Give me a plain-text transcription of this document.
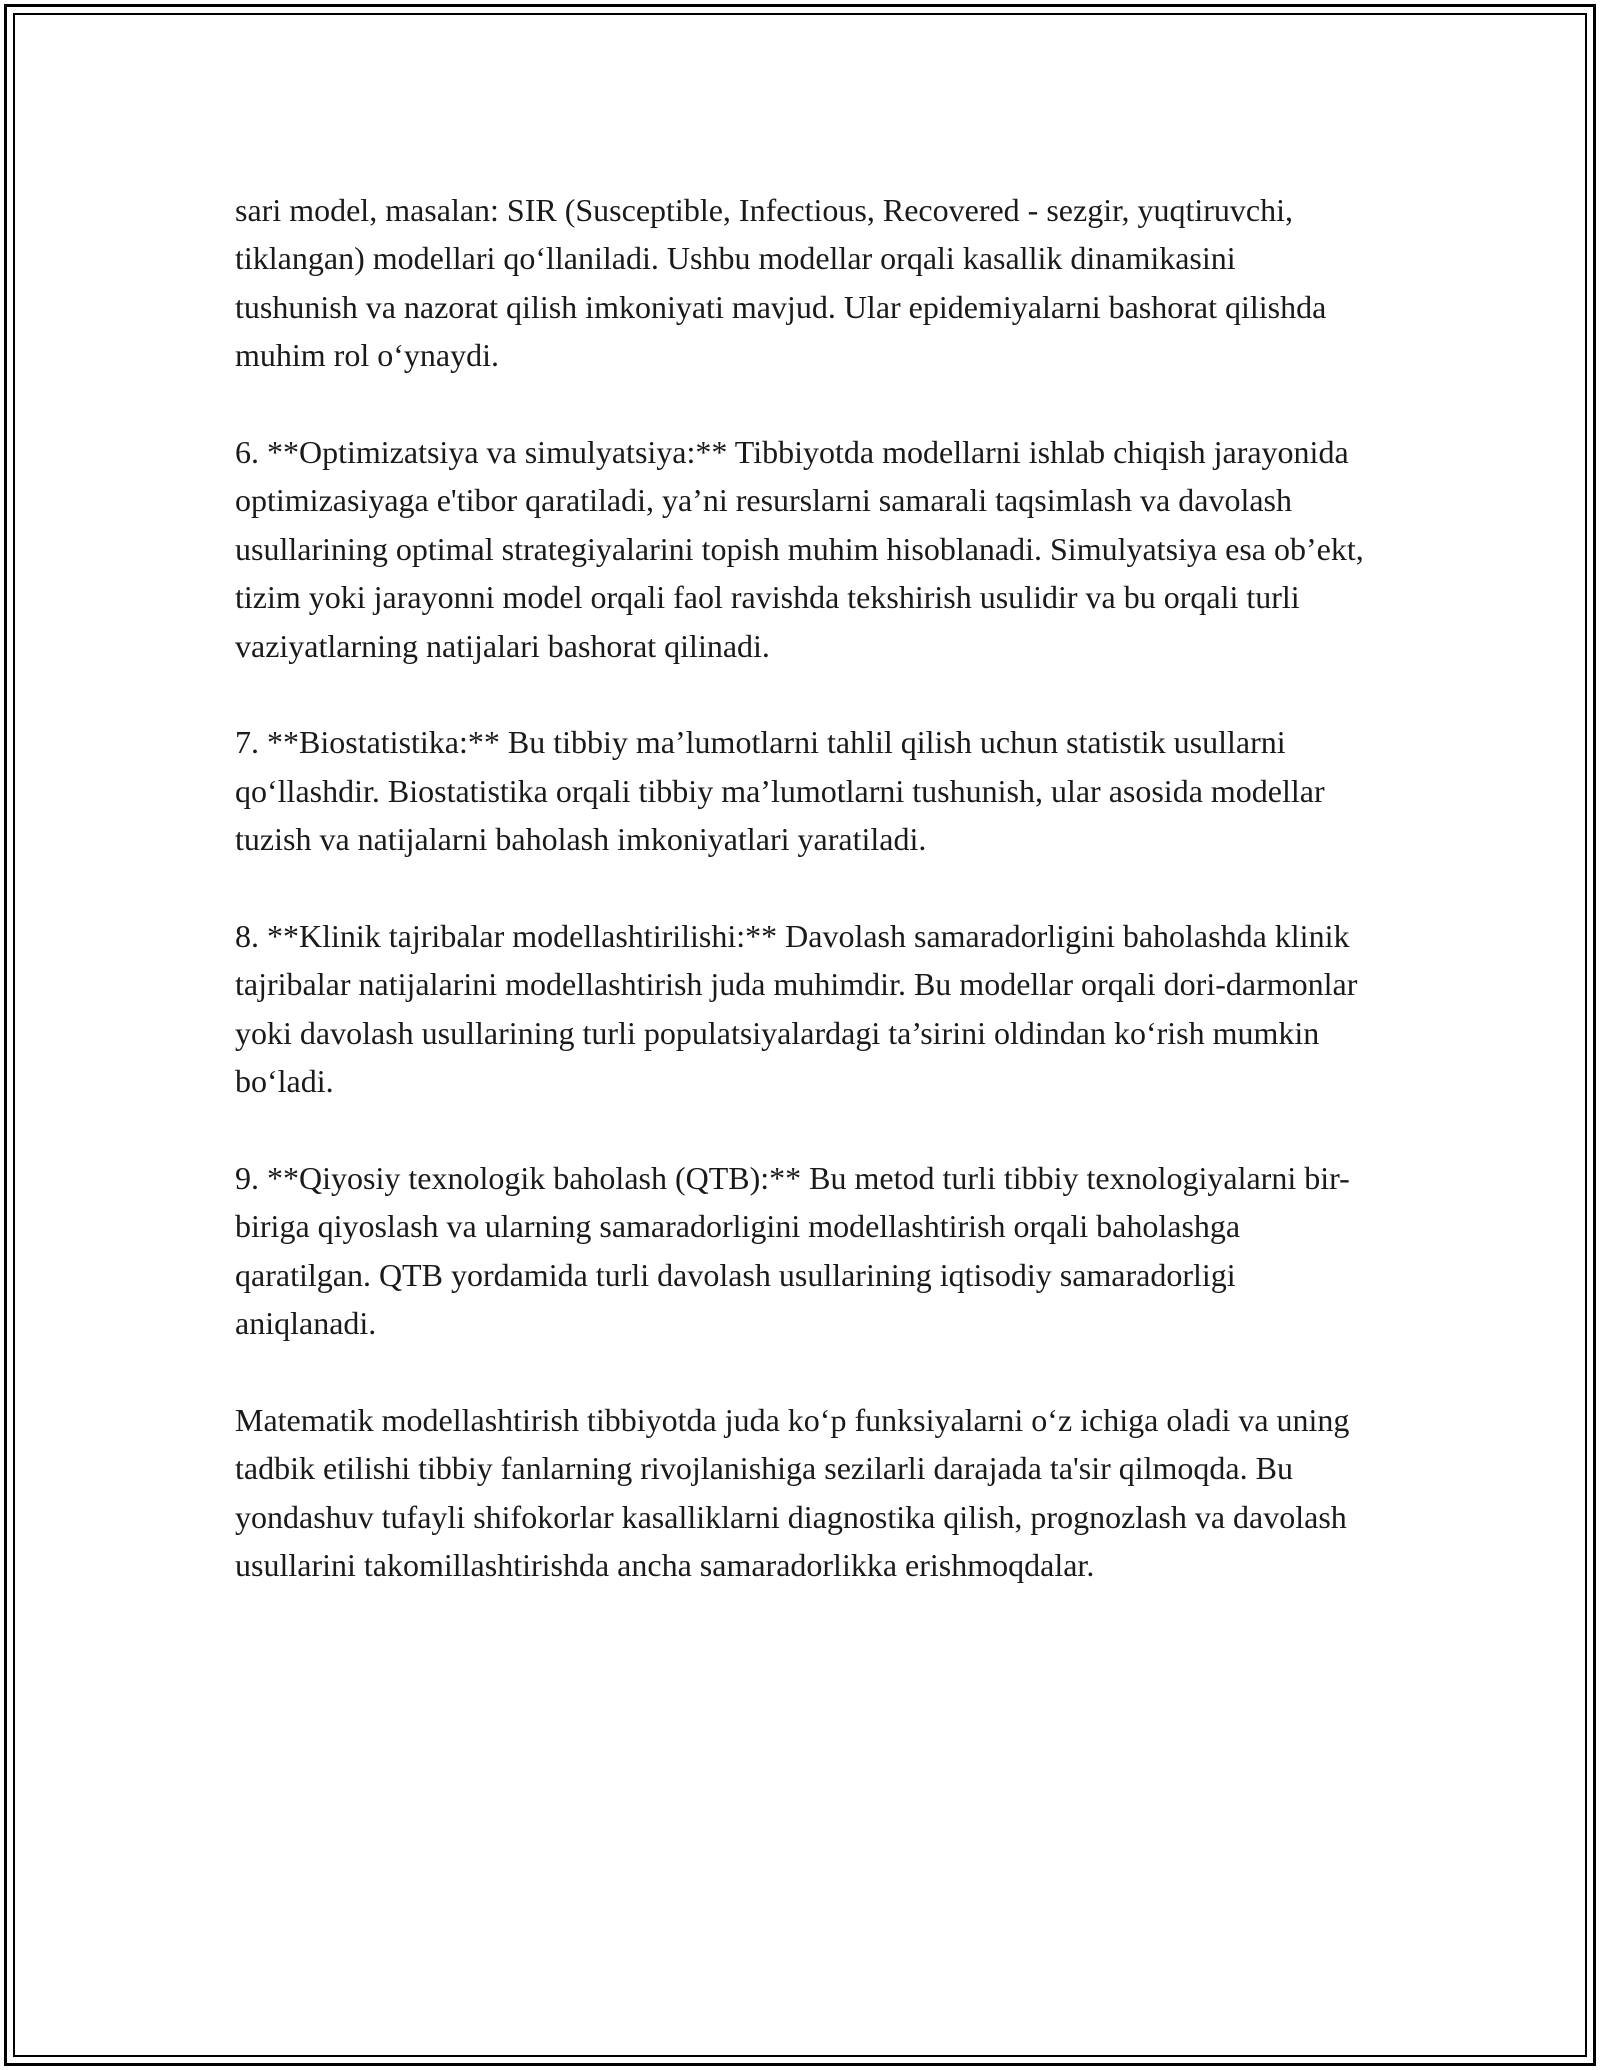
sari model, masalan: SIR (Susceptible, Infectious, Recovered - sezgir, yuqtiruvchi, tiklangan) modellari qo‘llaniladi. Ushbu modellar orqali kasallik dinamikasini tushunish va nazorat qilish imkoniyati mavjud. Ular epidemiyalarni bashorat qilishda muhim rol o‘ynaydi.

6. **Optimizatsiya va simulyatsiya:** Tibbiyotda modellarni ishlab chiqish jarayonida optimizasiyaga e'tibor qaratiladi, ya’ni resurslarni samarali taqsimlash va davolash usullarining optimal strategiyalarini topish muhim hisoblanadi. Simulyatsiya esa ob’ekt, tizim yoki jarayonni model orqali faol ravishda tekshirish usulidir va bu orqali turli vaziyatlarning natijalari bashorat qilinadi.

7. **Biostatistika:** Bu tibbiy ma’lumotlarni tahlil qilish uchun statistik usullarni qo‘llashdir. Biostatistika orqali tibbiy ma’lumotlarni tushunish, ular asosida modellar tuzish va natijalarni baholash imkoniyatlari yaratiladi.

8. **Klinik tajribalar modellashtirilishi:** Davolash samaradorligini baholashda klinik tajribalar natijalarini modellashtirish juda muhimdir. Bu modellar orqali dori-darmonlar yoki davolash usullarining turli populatsiyalardagi ta’sirini oldindan ko‘rish mumkin bo‘ladi.

9. **Qiyosiy texnologik baholash (QTB):** Bu metod turli tibbiy texnologiyalarni bir-biriga qiyoslash va ularning samaradorligini modellashtirish orqali baholashga qaratilgan. QTB yordamida turli davolash usullarining iqtisodiy samaradorligi aniqlanadi.

Matematik modellashtirish tibbiyotda juda ko‘p funksiyalarni o‘z ichiga oladi va uning tadbik etilishi tibbiy fanlarning rivojlanishiga sezilarli darajada ta'sir qilmoqda. Bu yondashuv tufayli shifokorlar kasalliklarni diagnostika qilish, prognozlash va davolash usullarini takomillashtirishda ancha samaradorlikka erishmoqdalar.
